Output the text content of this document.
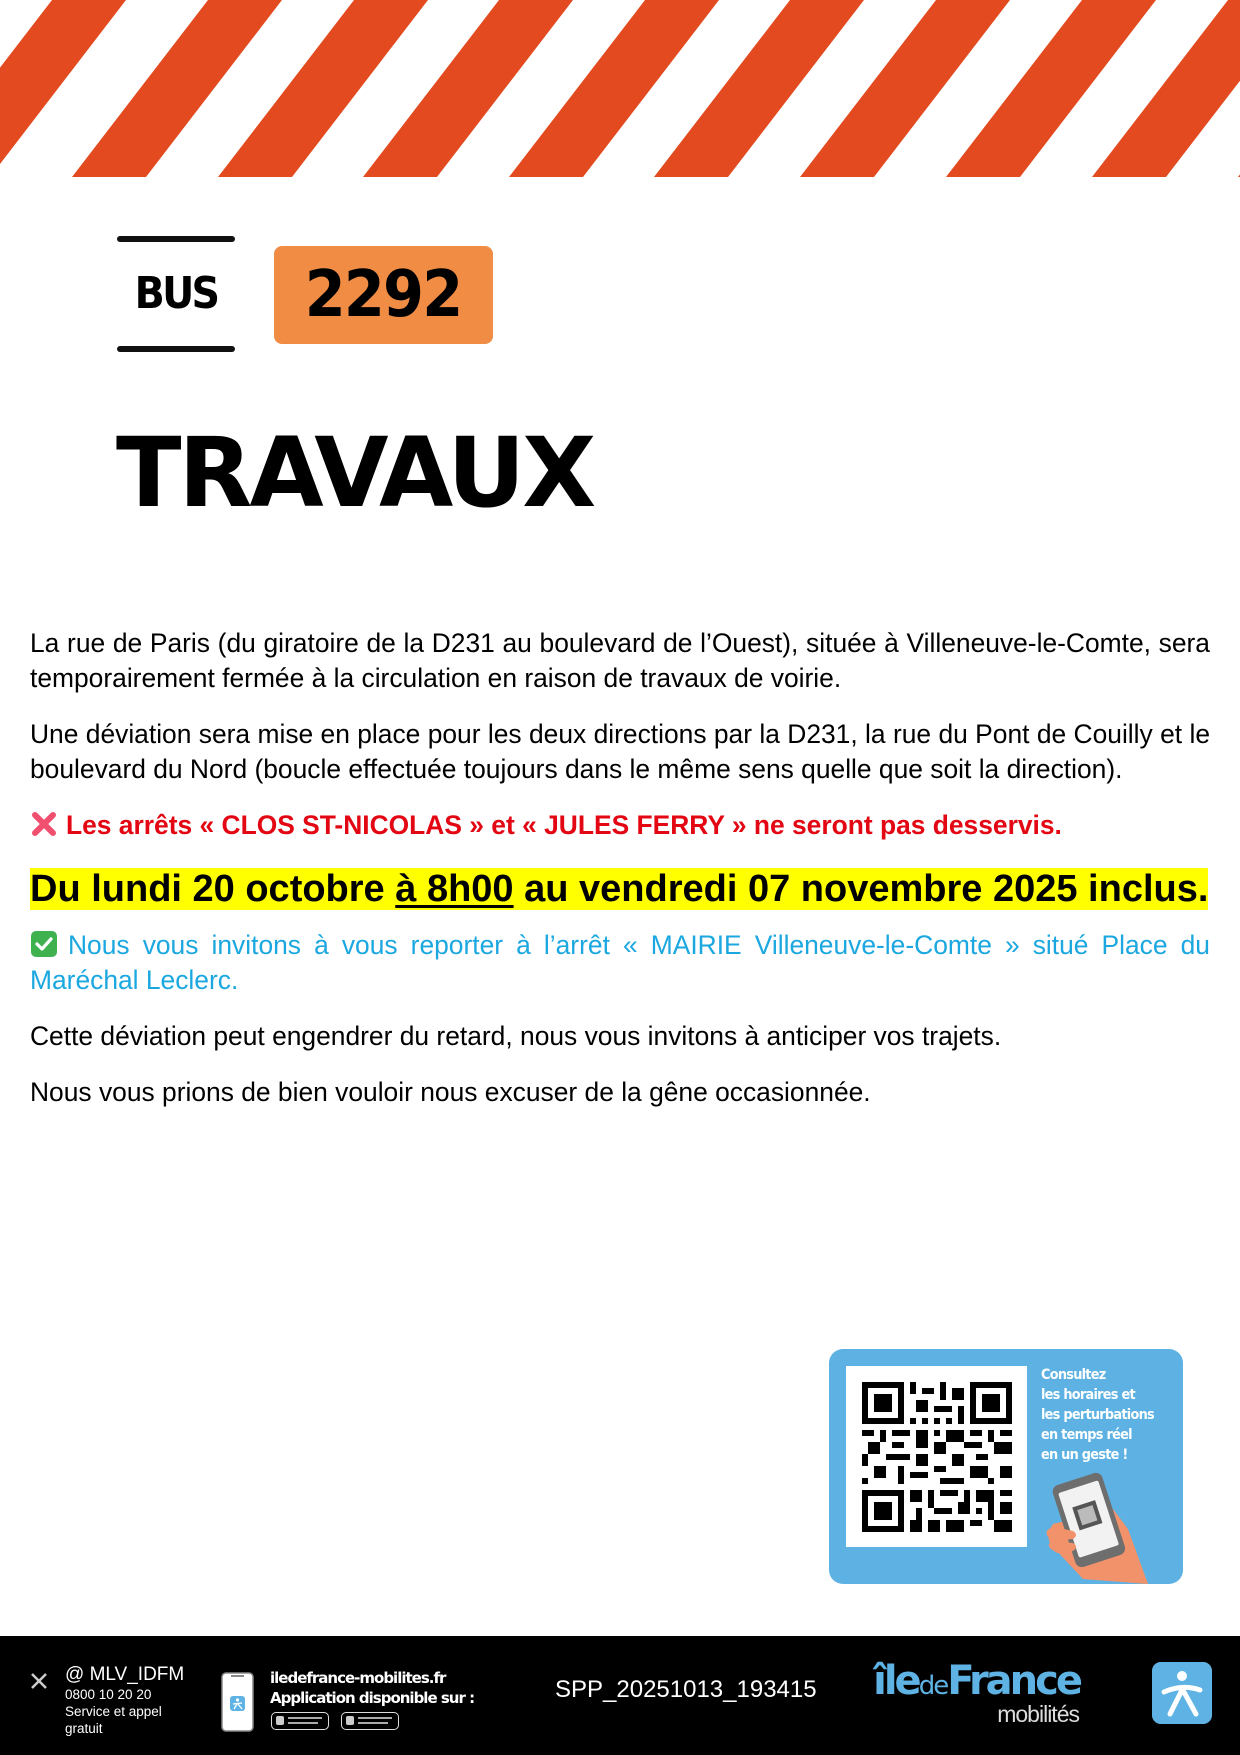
BUS	2292
TRAVAUX

La rue de Paris (du giratoire de la D231 au boulevard de l’Ouest), située à Villeneuve-le-Comte, sera temporairement fermée à la circulation en raison de travaux de voirie.

Une déviation sera mise en place pour les deux directions par la D231, la rue du Pont de Couilly et le boulevard du Nord (boucle effectuée toujours dans le même sens quelle que soit la direction).

Les arrêts « CLOS ST-NICOLAS » et « JULES FERRY » ne seront pas desservis.

Du lundi 20 octobre à 8h00 au vendredi 07 novembre 2025 inclus.

Nous vous invitons à vous reporter à l’arrêt « MAIRIE Villeneuve-le-Comte » situé Place du Maréchal Leclerc.

Cette déviation peut engendrer du retard, nous vous invitons à anticiper vos trajets.

Nous vous prions de bien vouloir nous excuser de la gêne occasionnée.

Consultez
les horaires et
les perturbations
en temps réel
en un geste !
@ MLV_IDFM
0800 10 20 20
Service et appel
gratuit
iledefrance-mobilites.fr
Application disponible sur :	SPP_20251013_193415 îledeFrance
mobilités
